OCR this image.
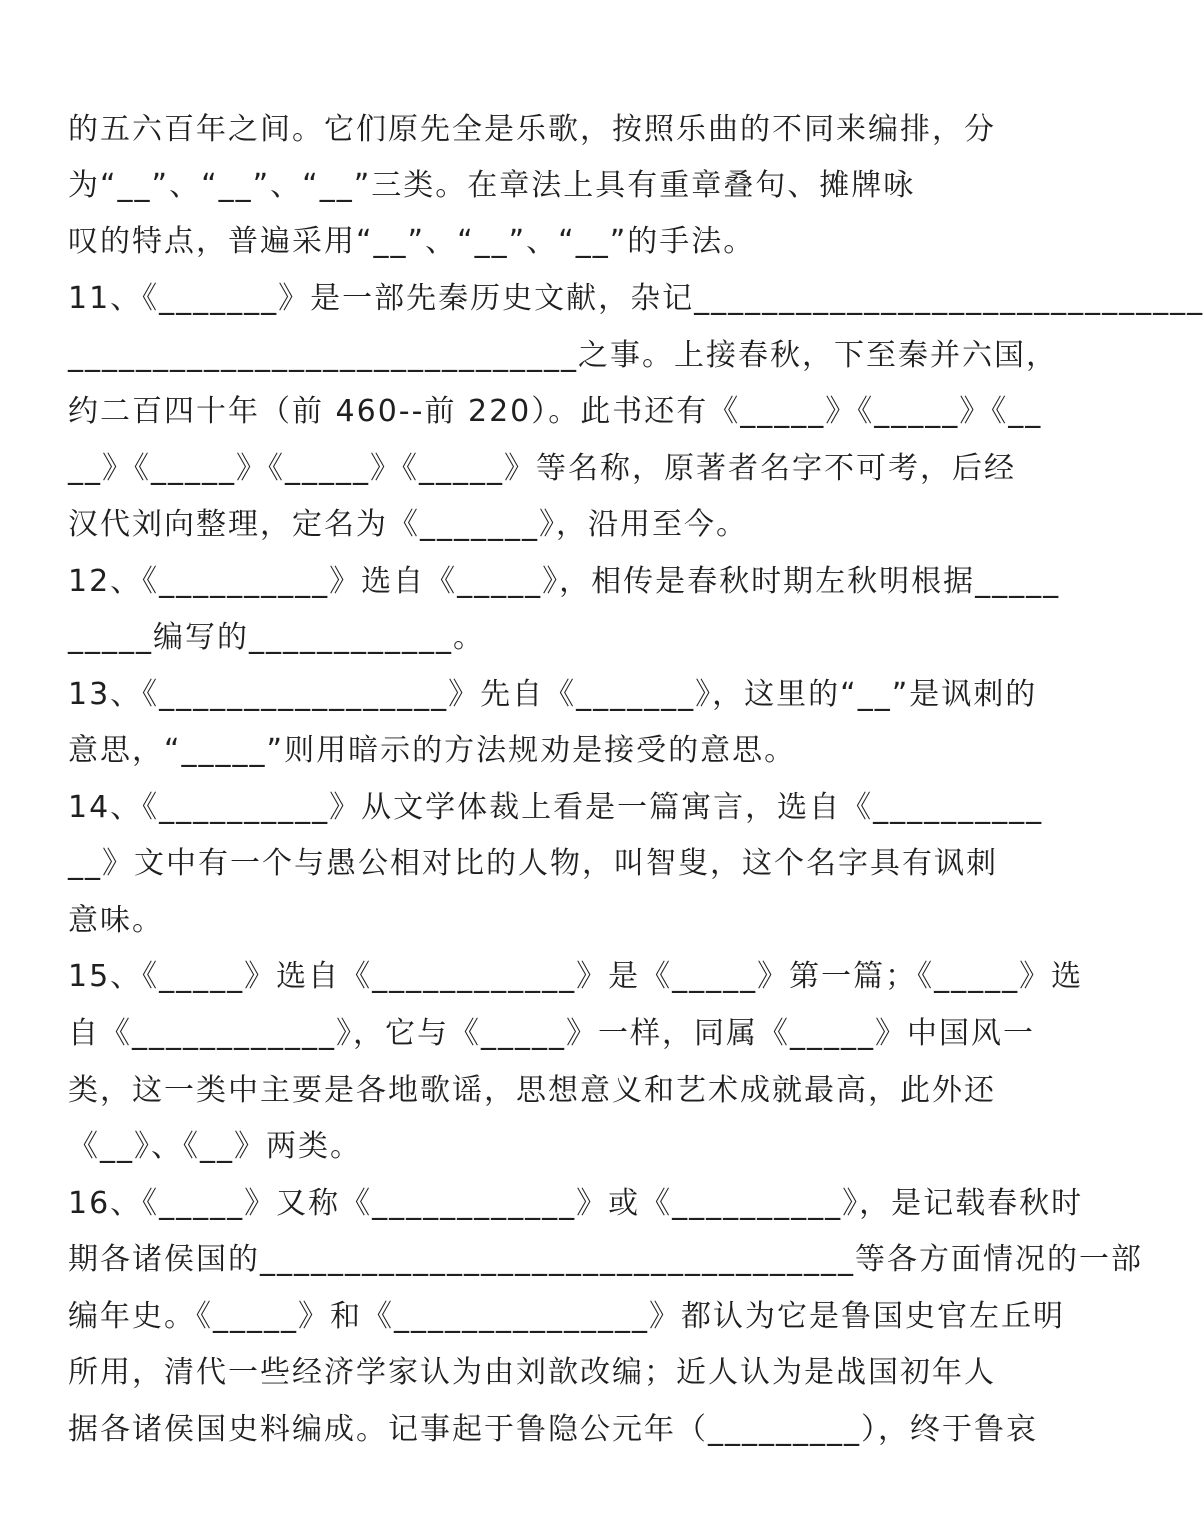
的五六百年之间。它们原先全是乐歌，按照乐曲的不同来编排，分
为“__”、“__”、“__”三类。在章法上具有重章叠句、摊牌咏
叹的特点，普遍采用“__”、“__”、“__”的手法。
11、《_______》是一部先秦历史文献，杂记______________________________
______________________________之事。上接春秋，下至秦并六国，
约二百四十年（前 460--前 220）。此书还有《_____》《_____》《__
__》《_____》《_____》《_____》等名称，原著者名字不可考，后经
汉代刘向整理，定名为《_______》，沿用至今。
12、《__________》选自《_____》，相传是春秋时期左秋明根据_____
_____编写的____________。
13、《_________________》先自《_______》，这里的“__”是讽刺的
意思，“_____”则用暗示的方法规劝是接受的意思。
14、《__________》从文学体裁上看是一篇寓言，选自《__________
__》文中有一个与愚公相对比的人物，叫智叟，这个名字具有讽刺
意味。
15、《_____》选自《____________》是《_____》第一篇；《_____》选
自《____________》，它与《_____》一样，同属《_____》中国风一
类，这一类中主要是各地歌谣，思想意义和艺术成就最高，此外还
《__》、《__》两类。
16、《_____》又称《____________》或《__________》，是记载春秋时
期各诸侯国的___________________________________等各方面情况的一部
编年史。《_____》和《_______________》都认为它是鲁国史官左丘明
所用，清代一些经济学家认为由刘歆改编；近人认为是战国初年人
据各诸侯国史料编成。记事起于鲁隐公元年（_________），终于鲁哀
